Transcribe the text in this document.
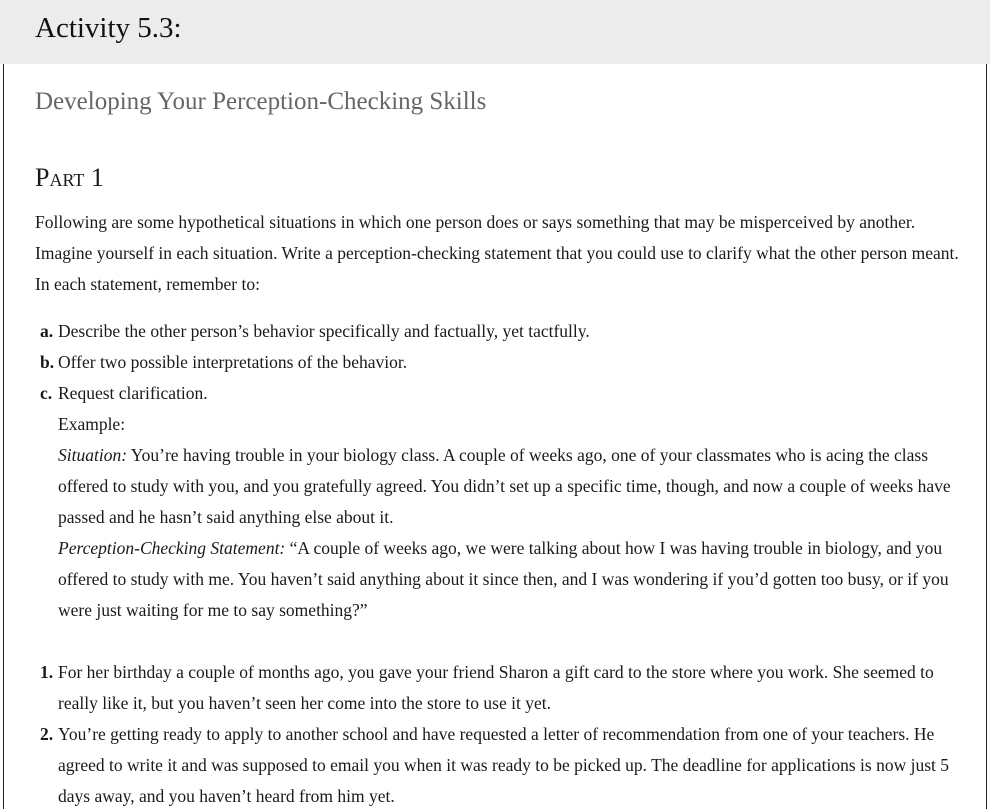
Activity 5.3:
Developing Your Perception-Checking Skills
Part 1

Following are some hypothetical situations in which one person does or says something that may be misperceived by another. Imagine yourself in each situation. Write a perception-checking statement that you could use to clarify what the other person meant. In each statement, remember to:

a. Describe the other person’s behavior specifically and factually, yet tactfully.
b. Offer two possible interpretations of the behavior.
c. Request clarification.

Example:

Situation: You’re having trouble in your biology class. A couple of weeks ago, one of your classmates who is acing the class offered to study with you, and you gratefully agreed. You didn’t set up a specific time, though, and now a couple of weeks have passed and he hasn’t said anything else about it.

Perception-Checking Statement: “A couple of weeks ago, we were talking about how I was having trouble in biology, and you offered to study with me. You haven’t said anything about it since then, and I was wondering if you’d gotten too busy, or if you were just waiting for me to say something?”

1. For her birthday a couple of months ago, you gave your friend Sharon a gift card to the store where you work. She seemed to really like it, but you haven’t seen her come into the store to use it yet.
2. You’re getting ready to apply to another school and have requested a letter of recommendation from one of your teachers. He agreed to write it and was supposed to email you when it was ready to be picked up. The deadline for applications is now just 5 days away, and you haven’t heard from him yet.
